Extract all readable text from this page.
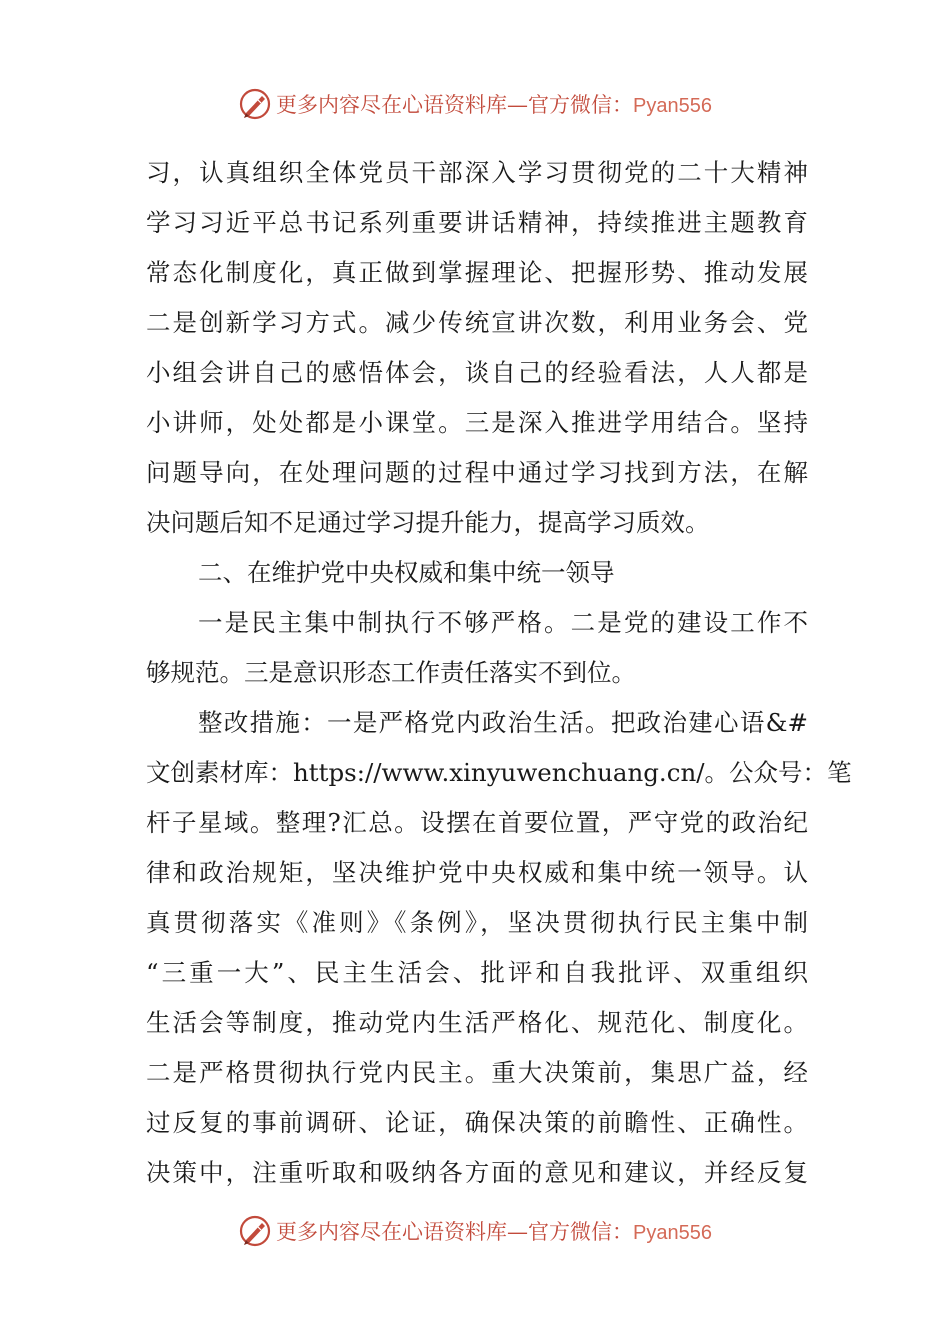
更多内容尽在心语资料库—官方微信：Pyan556
习，认真组织全体党员干部深入学习贯彻党的二十大精神
学习习近平总书记系列重要讲话精神，持续推进主题教育
常态化制度化，真正做到掌握理论、把握形势、推动发展
二是创新学习方式。减少传统宣讲次数，利用业务会、党
小组会讲自己的感悟体会，谈自己的经验看法，人人都是
小讲师，处处都是小课堂。三是深入推进学用结合。坚持
问题导向，在处理问题的过程中通过学习找到方法，在解
决问题后知不足通过学习提升能力，提高学习质效。
二、在维护党中央权威和集中统一领导
一是民主集中制执行不够严格。二是党的建设工作不
够规范。三是意识形态工作责任落实不到位。
整改措施：一是严格党内政治生活。把政治建心语&#
文创素材库：https://www.xinyuwenchuang.cn/。公众号：笔
杆子星域。整理?汇总。设摆在首要位置，严守党的政治纪
律和政治规矩，坚决维护党中央权威和集中统一领导。认
真贯彻落实《准则》《条例》，坚决贯彻执行民主集中制
“三重一大”、民主生活会、批评和自我批评、双重组织
生活会等制度，推动党内生活严格化、规范化、制度化。
二是严格贯彻执行党内民主。重大决策前，集思广益，经
过反复的事前调研、论证，确保决策的前瞻性、正确性。
决策中，注重听取和吸纳各方面的意见和建议，并经反复
更多内容尽在心语资料库—官方微信：Pyan556
